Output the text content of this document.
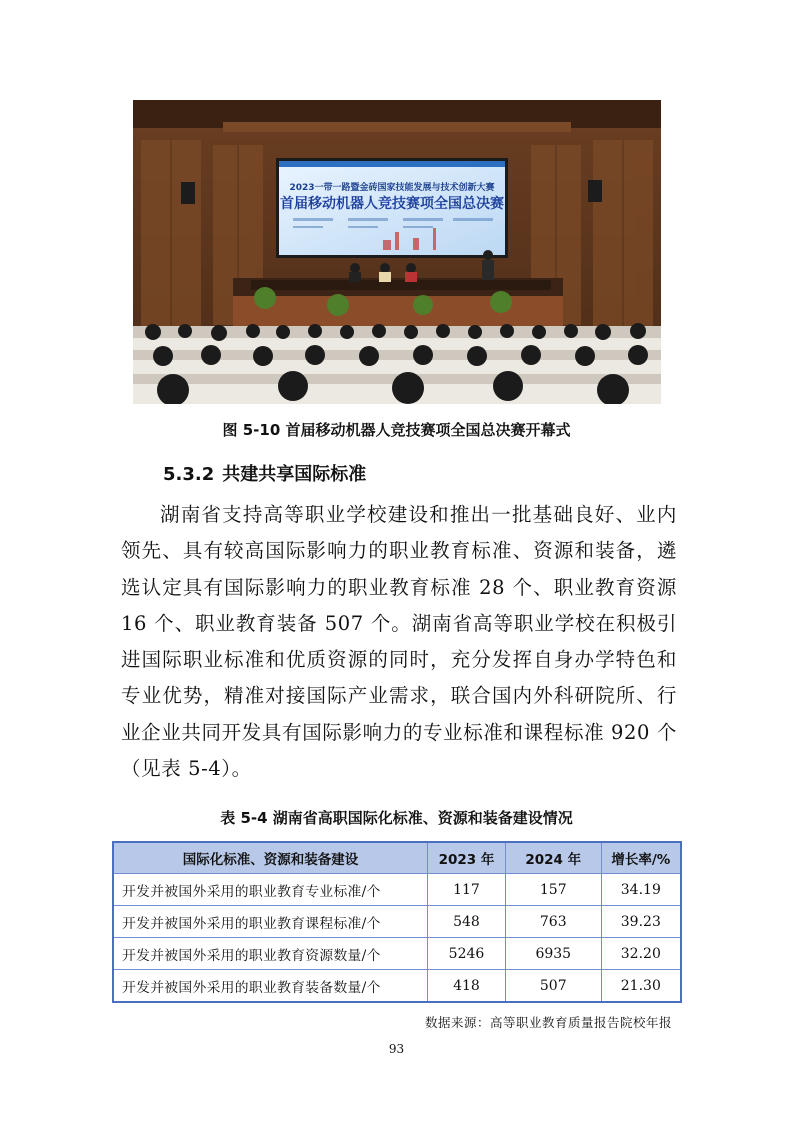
2023一带一路暨金砖国家技能发展与技术创新大赛
首届移动机器人竞技赛项全国总决赛
图 5-10 首届移动机器人竞技赛项全国总决赛开幕式
5.3.2 共建共享国际标准

湖南省支持高等职业学校建设和推出一批基础良好、业内领先、具有较高国际影响力的职业教育标准、资源和装备，遴选认定具有国际影响力的职业教育标准 28 个、职业教育资源 16 个、职业教育装备 507 个。湖南省高等职业学校在积极引进国际职业标准和优质资源的同时，充分发挥自身办学特色和专业优势，精准对接国际产业需求，联合国内外科研院所、行业企业共同开发具有国际影响力的专业标准和课程标准 920 个（见表 5-4）。

表 5-4 湖南省高职国际化标准、资源和装备建设情况
国际化标准、资源和装备建设	2023 年	2024 年	增长率/%
开发并被国外采用的职业教育专业标准/个	117	157	34.19
开发并被国外采用的职业教育课程标准/个	548	763	39.23
开发并被国外采用的职业教育资源数量/个	5246	6935	32.20
开发并被国外采用的职业教育装备数量/个	418	507	21.30
数据来源：高等职业教育质量报告院校年报
93
